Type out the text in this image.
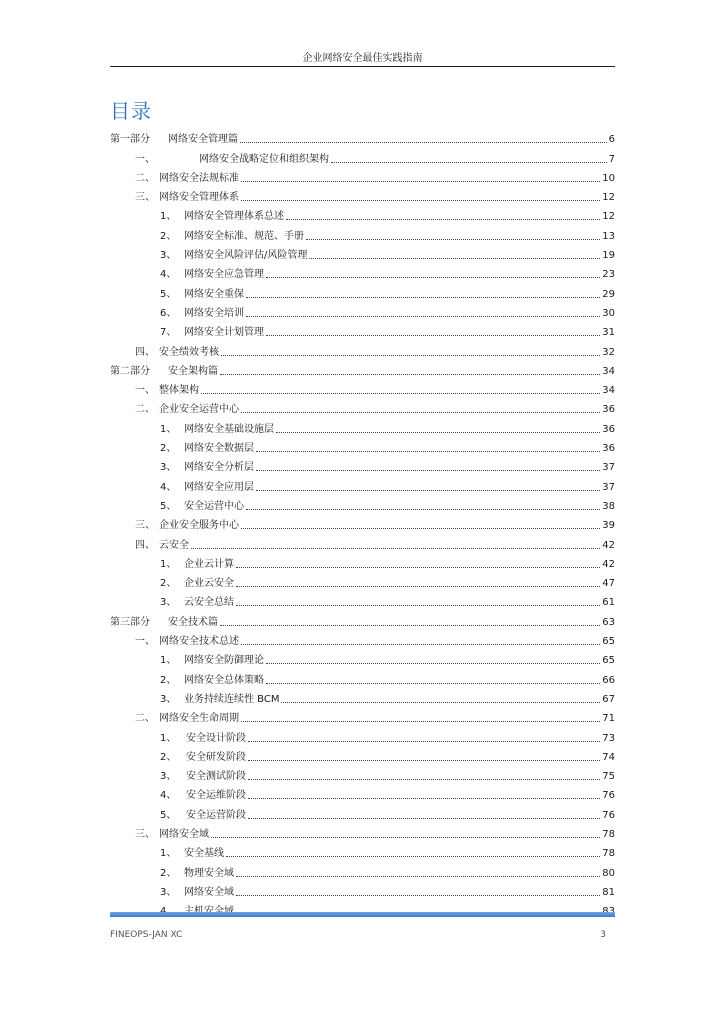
企业网络安全最佳实践指南
目录
第一部分 网络安全管理篇	6
一、	网络安全战略定位和组织架构	7
二、 网络安全法规标准	10
三、 网络安全管理体系	12
1、 网络安全管理体系总述	12
2、 网络安全标准、规范、手册	13
3、 网络安全风险评估/风险管理	19
4、 网络安全应急管理	23
5、 网络安全重保	29
6、 网络安全培训	30
7、 网络安全计划管理	31
四、 安全绩效考核	32
第二部分 安全架构篇	34
一、 整体架构	34
二、 企业安全运营中心	36
1、 网络安全基础设施层	36
2、 网络安全数据层	36
3、 网络安全分析层	37
4、 网络安全应用层	37
5、 安全运营中心	38
三、 企业安全服务中心	39
四、 云安全	42
1、 企业云计算	42
2、 企业云安全	47
3、 云安全总结	61
第三部分 安全技术篇	63
一、 网络安全技术总述	65
1、 网络安全防御理论	65
2、 网络安全总体策略	66
3、 业务持续连续性 BCM	67
二、 网络安全生命周期	71
1、 安全设计阶段	73
2、 安全研发阶段	74
3、 安全测试阶段	75
4、 安全运维阶段	76
5、 安全运营阶段	76
三、 网络安全域	78
1、 安全基线	78
2、 物理安全域	80
3、 网络安全域	81
FINEOPS-JAN XC	3
